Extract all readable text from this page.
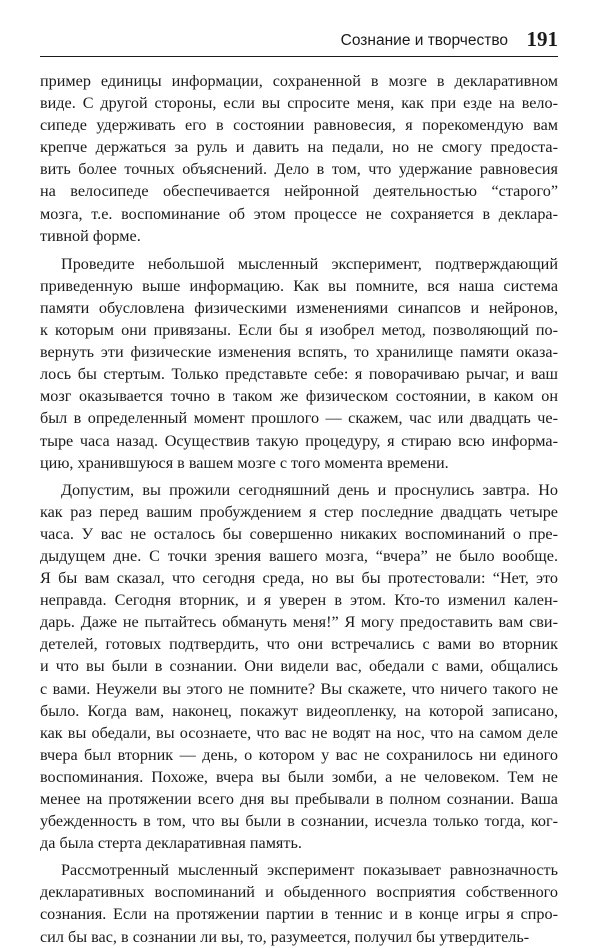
Сознание и творчество 191
пример единицы информации, сохраненной в мозге в декларативном
виде. С другой стороны, если вы спросите меня, как при езде на вело-
сипеде удерживать его в состоянии равновесия, я порекомендую вам
крепче держаться за руль и давить на педали, но не смогу предоста-
вить более точных объяснений. Дело в том, что удержание равновесия
на велосипеде обеспечивается нейронной деятельностью “старого”
мозга, т.е. воспоминание об этом процессе не сохраняется в деклара-
тивной форме.
Проведите небольшой мысленный эксперимент, подтверждающий
приведенную выше информацию. Как вы помните, вся наша система
памяти обусловлена физическими изменениями синапсов и нейронов,
к которым они привязаны. Если бы я изобрел метод, позволяющий по-
вернуть эти физические изменения вспять, то хранилище памяти оказа-
лось бы стертым. Только представьте себе: я поворачиваю рычаг, и ваш
мозг оказывается точно в таком же физическом состоянии, в каком он
был в определенный момент прошлого — скажем, час или двадцать че-
тыре часа назад. Осуществив такую процедуру, я стираю всю информа-
цию, хранившуюся в вашем мозге с того момента времени.
Допустим, вы прожили сегодняшний день и проснулись завтра. Но
как раз перед вашим пробуждением я стер последние двадцать четыре
часа. У вас не осталось бы совершенно никаких воспоминаний о пре-
дыдущем дне. С точки зрения вашего мозга, “вчера” не было вообще.
Я бы вам сказал, что сегодня среда, но вы бы протестовали: “Нет, это
неправда. Сегодня вторник, и я уверен в этом. Кто-то изменил кален-
дарь. Даже не пытайтесь обмануть меня!” Я могу предоставить вам сви-
детелей, готовых подтвердить, что они встречались с вами во вторник
и что вы были в сознании. Они видели вас, обедали с вами, общались
с вами. Неужели вы этого не помните? Вы скажете, что ничего такого не
было. Когда вам, наконец, покажут видеопленку, на которой записано,
как вы обедали, вы осознаете, что вас не водят на нос, что на самом деле
вчера был вторник — день, о котором у вас не сохранилось ни единого
воспоминания. Похоже, вчера вы были зомби, а не человеком. Тем не
менее на протяжении всего дня вы пребывали в полном сознании. Ваша
убежденность в том, что вы были в сознании, исчезла только тогда, ког-
да была стерта декларативная память.
Рассмотренный мысленный эксперимент показывает равнозначность
декларативных воспоминаний и обыденного восприятия собственного
сознания. Если на протяжении партии в теннис и в конце игры я спро-
сил бы вас, в сознании ли вы, то, разумеется, получил бы утвердитель-
